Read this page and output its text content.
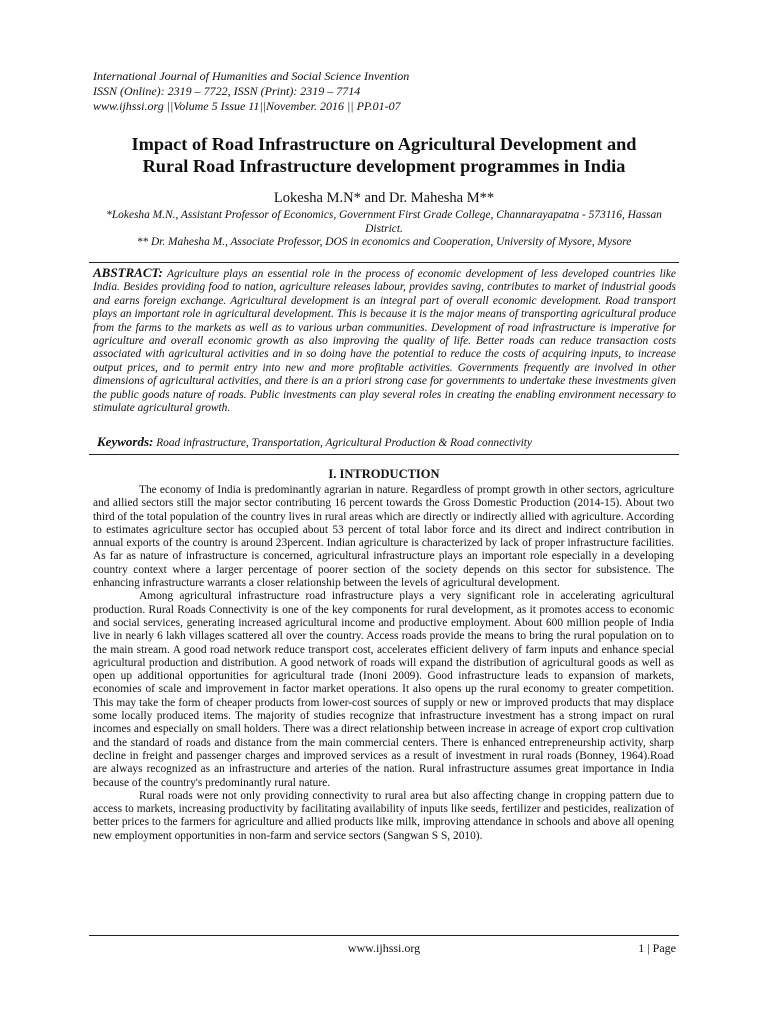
International Journal of Humanities and Social Science Invention
ISSN (Online): 2319 – 7722, ISSN (Print): 2319 – 7714
www.ijhssi.org ||Volume 5 Issue 11||November. 2016 || PP.01-07
Impact of Road Infrastructure on Agricultural Development and
Rural Road Infrastructure development programmes in India
Lokesha M.N* and Dr. Mahesha M**
*Lokesha M.N., Assistant Professor of Economics, Government First Grade College, Channarayapatna - 573116, Hassan District.
** Dr. Mahesha M., Associate Professor, DOS in economics and Cooperation, University of Mysore, Mysore
ABSTRACT: Agriculture plays an essential role in the process of economic development of less developed countries like India. Besides providing food to nation, agriculture releases labour, provides saving, contributes to market of industrial goods and earns foreign exchange. Agricultural development is an integral part of overall economic development. Road transport plays an important role in agricultural development. This is because it is the major means of transporting agricultural produce from the farms to the markets as well as to various urban communities. Development of road infrastructure is imperative for agriculture and overall economic growth as also improving the quality of life. Better roads can reduce transaction costs associated with agricultural activities and in so doing have the potential to reduce the costs of acquiring inputs, to increase output prices, and to permit entry into new and more profitable activities. Governments frequently are involved in other dimensions of agricultural activities, and there is an a priori strong case for governments to undertake these investments given the public goods nature of roads. Public investments can play several roles in creating the enabling environment necessary to stimulate agricultural growth.
Keywords: Road infrastructure, Transportation, Agricultural Production & Road connectivity
I. INTRODUCTION

The economy of India is predominantly agrarian in nature. Regardless of prompt growth in other sectors, agriculture and allied sectors still the major sector contributing 16 percent towards the Gross Domestic Production (2014-15). About two third of the total population of the country lives in rural areas which are directly or indirectly allied with agriculture. According to estimates agriculture sector has occupied about 53 percent of total labor force and its direct and indirect contribution in annual exports of the country is around 23percent. Indian agriculture is characterized by lack of proper infrastructure facilities. As far as nature of infrastructure is concerned, agricultural infrastructure plays an important role especially in a developing country context where a larger percentage of poorer section of the society depends on this sector for subsistence. The enhancing infrastructure warrants a closer relationship between the levels of agricultural development.

Among agricultural infrastructure road infrastructure plays a very significant role in accelerating agricultural production. Rural Roads Connectivity is one of the key components for rural development, as it promotes access to economic and social services, generating increased agricultural income and productive employment. About 600 million people of India live in nearly 6 lakh villages scattered all over the country. Access roads provide the means to bring the rural population on to the main stream. A good road network reduce transport cost, accelerates efficient delivery of farm inputs and enhance special agricultural production and distribution. A good network of roads will expand the distribution of agricultural goods as well as open up additional opportunities for agricultural trade (Inoni 2009). Good infrastructure leads to expansion of markets, economies of scale and improvement in factor market operations. It also opens up the rural economy to greater competition. This may take the form of cheaper products from lower-cost sources of supply or new or improved products that may displace some locally produced items. The majority of studies recognize that infrastructure investment has a strong impact on rural incomes and especially on small holders. There was a direct relationship between increase in acreage of export crop cultivation and the standard of roads and distance from the main commercial centers. There is enhanced entrepreneurship activity, sharp decline in freight and passenger charges and improved services as a result of investment in rural roads (Bonney, 1964).Road are always recognized as an infrastructure and arteries of the nation. Rural infrastructure assumes great importance in India because of the country's predominantly rural nature.

Rural roads were not only providing connectivity to rural area but also affecting change in cropping pattern due to access to markets, increasing productivity by facilitating availability of inputs like seeds, fertilizer and pesticides, realization of better prices to the farmers for agriculture and allied products like milk, improving attendance in schools and above all opening new employment opportunities in non-farm and service sectors (Sangwan S S, 2010).

www.ijhssi.org	1 | Page
